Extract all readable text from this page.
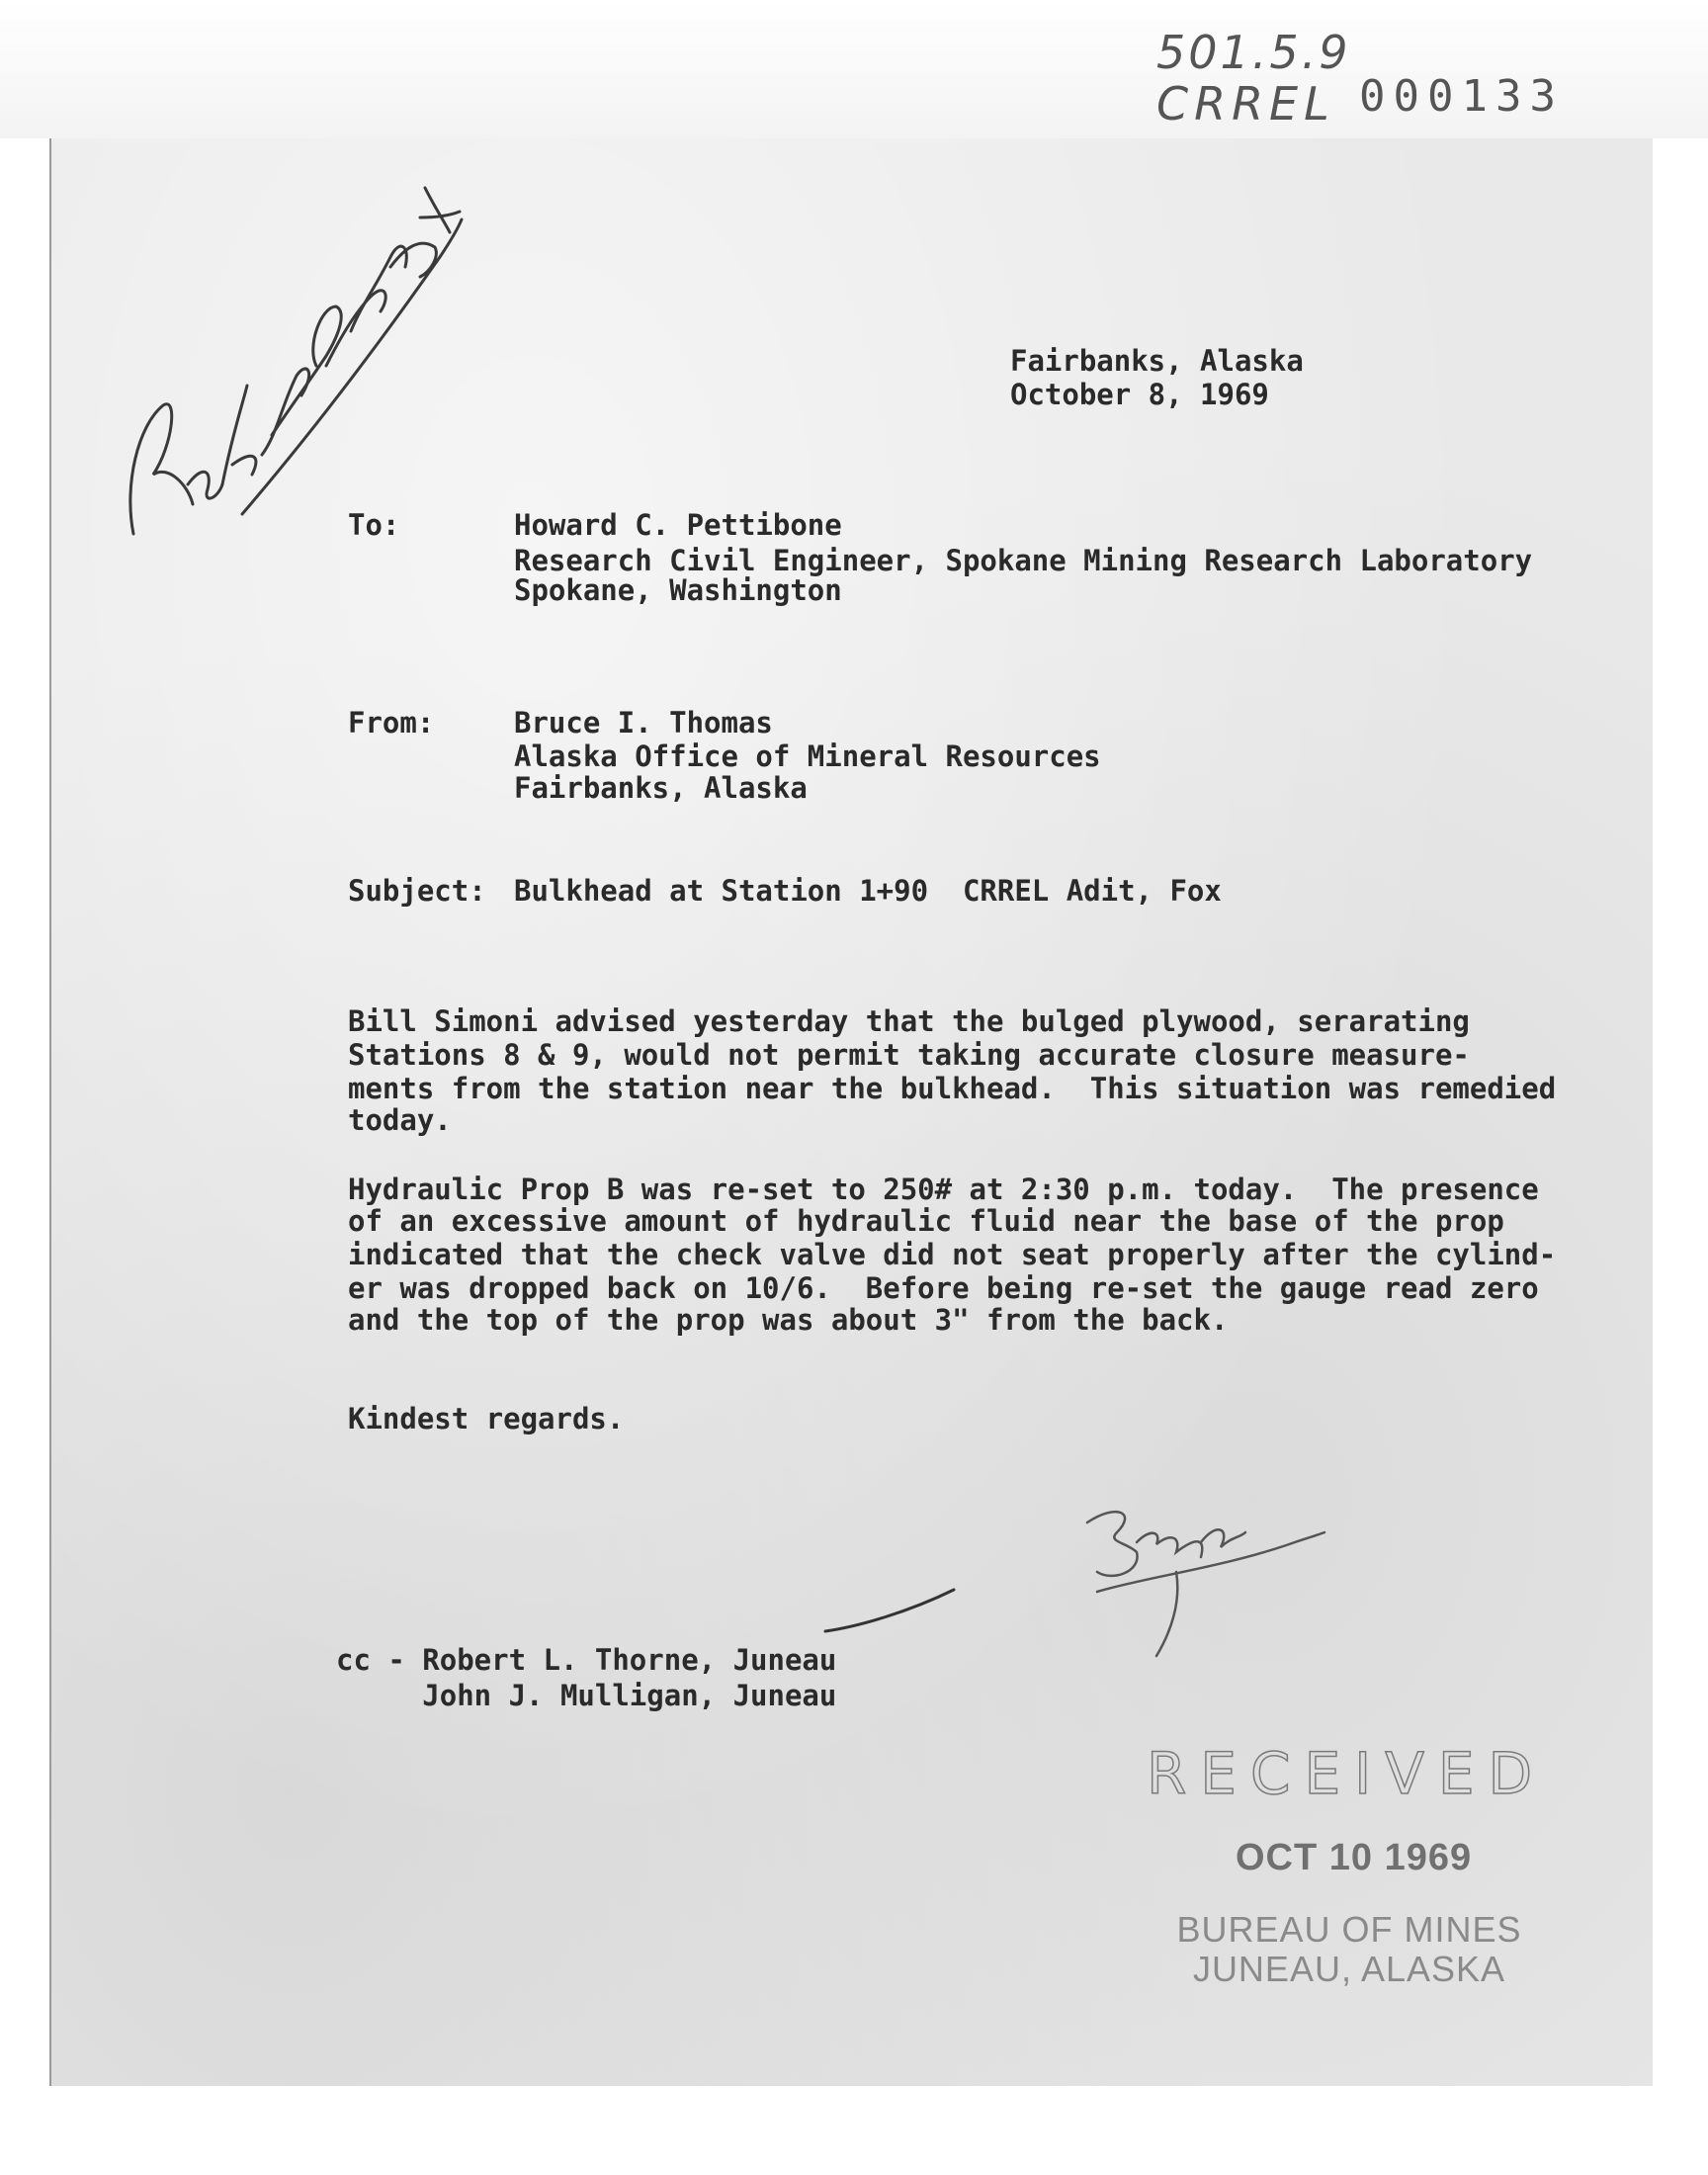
501.5.9
CRREL 000133
Fairbanks, Alaska
October 8, 1969
To:	Howard C. Pettibone
Research Civil Engineer, Spokane Mining Research Laboratory
Spokane, Washington
From:	Bruce I. Thomas
Alaska Office of Mineral Resources
Fairbanks, Alaska
Subject: Bulkhead at Station 1+90  CRREL Adit, Fox
Bill Simoni advised yesterday that the bulged plywood, serarating
Stations 8 & 9, would not permit taking accurate closure measure-
ments from the station near the bulkhead.  This situation was remedied
today.
Hydraulic Prop B was re-set to 250# at 2:30 p.m. today.  The presence
of an excessive amount of hydraulic fluid near the base of the prop
indicated that the check valve did not seat properly after the cylind-
er was dropped back on 10/6.  Before being re-set the gauge read zero
and the top of the prop was about 3" from the back.
Kindest regards.
cc - Robert L. Thorne, Juneau
John J. Mulligan, Juneau
RECEIVED
OCT 10 1969
BUREAU OF MINES
JUNEAU, ALASKA
